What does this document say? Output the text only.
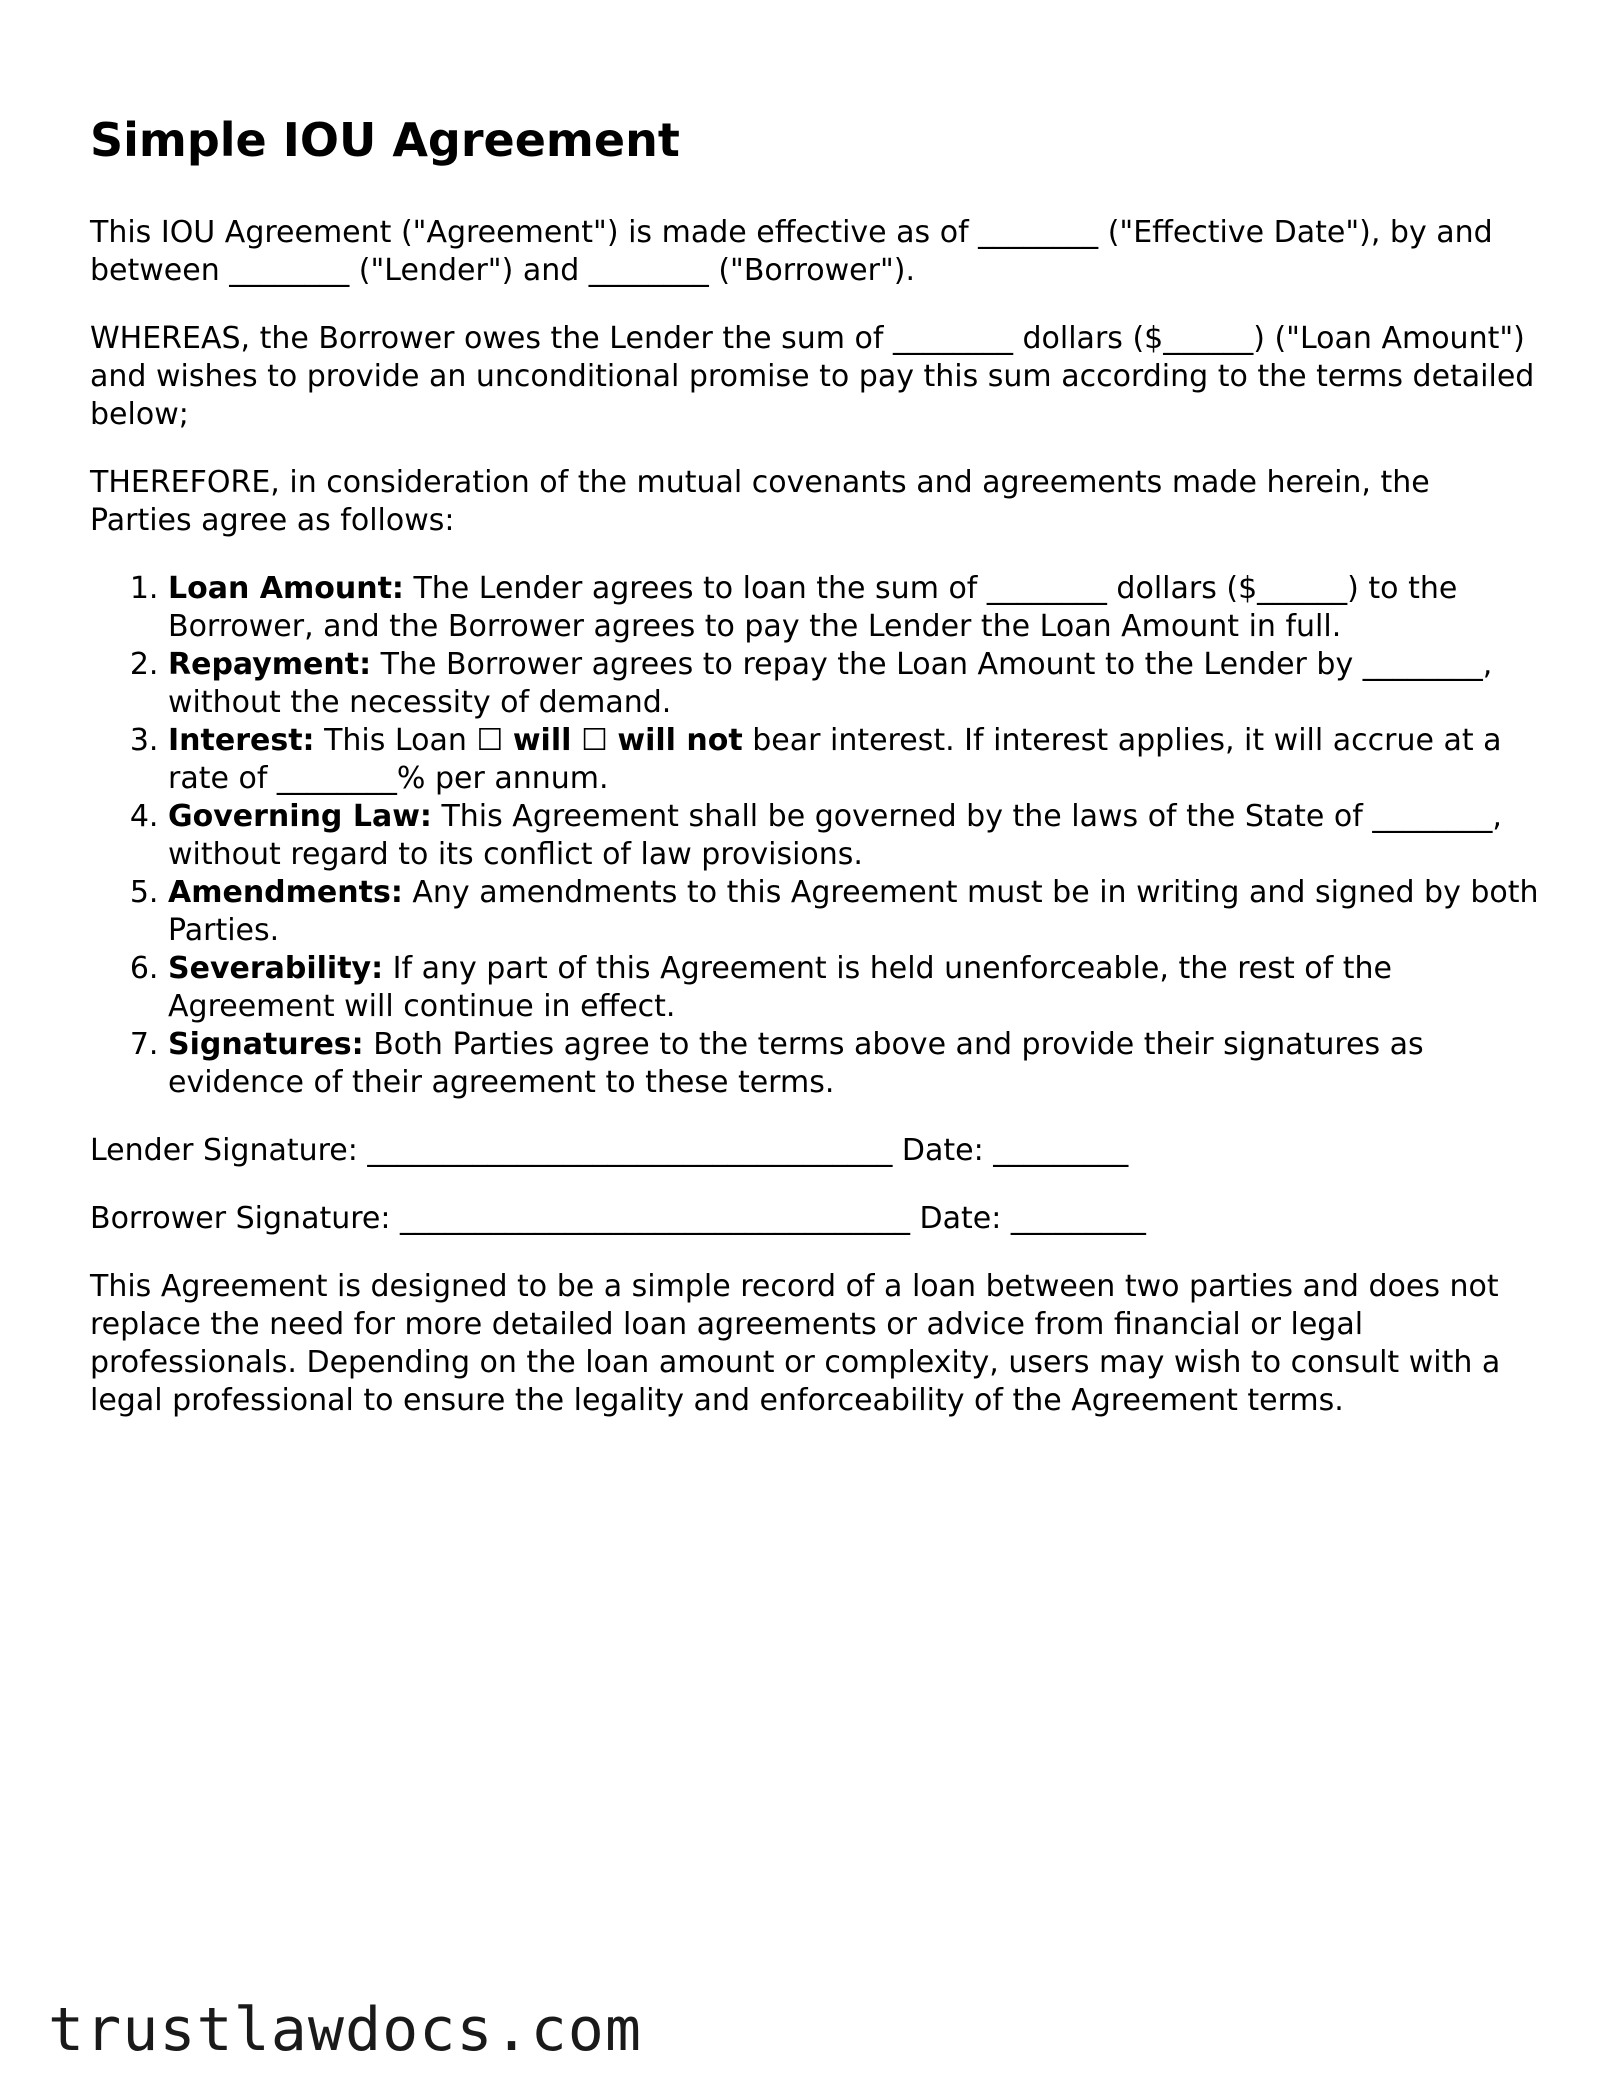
Simple IOU Agreement

This IOU Agreement ("Agreement") is made effective as of ________ ("Effective Date"), by and between ________ ("Lender") and ________ ("Borrower").

WHEREAS, the Borrower owes the Lender the sum of ________ dollars ($______) ("Loan Amount") and wishes to provide an unconditional promise to pay this sum according to the terms detailed below;

THEREFORE, in consideration of the mutual covenants and agreements made herein, the Parties agree as follows:

1. Loan Amount: The Lender agrees to loan the sum of ________ dollars ($______) to the Borrower, and the Borrower agrees to pay the Lender the Loan Amount in full.
2. Repayment: The Borrower agrees to repay the Loan Amount to the Lender by ________, without the necessity of demand.
3. Interest: This Loan ☐ will ☐ will not bear interest. If interest applies, it will accrue at a rate of ________% per annum.
4. Governing Law: This Agreement shall be governed by the laws of the State of ________, without regard to its conflict of law provisions.
5. Amendments: Any amendments to this Agreement must be in writing and signed by both Parties.
6. Severability: If any part of this Agreement is held unenforceable, the rest of the Agreement will continue in effect.
7. Signatures: Both Parties agree to the terms above and provide their signatures as evidence of their agreement to these terms.

Lender Signature: ___________________________________ Date: _________

Borrower Signature: __________________________________ Date: _________

This Agreement is designed to be a simple record of a loan between two parties and does not replace the need for more detailed loan agreements or advice from financial or legal professionals. Depending on the loan amount or complexity, users may wish to consult with a legal professional to ensure the legality and enforceability of the Agreement terms.

trustlawdocs.com
